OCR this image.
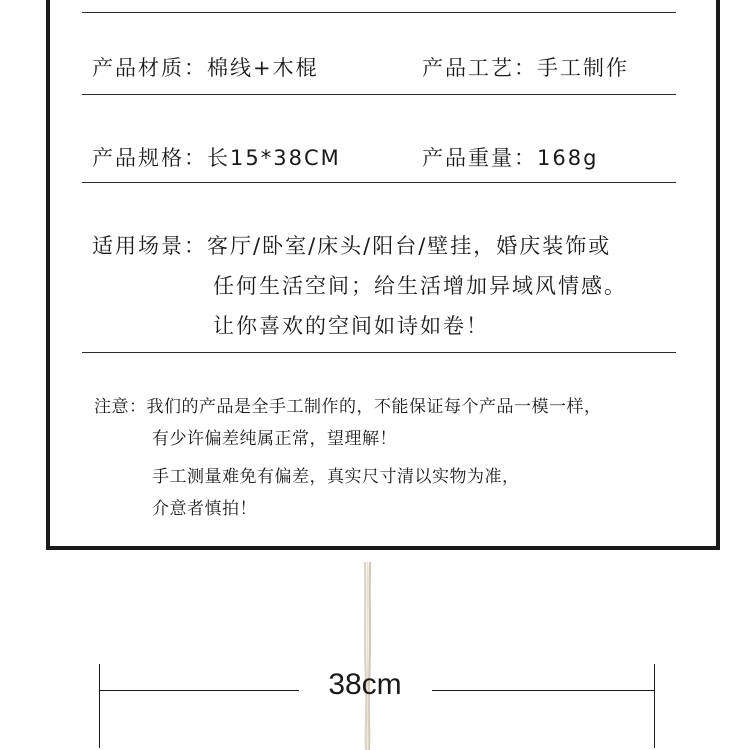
产品材质：棉线+木棍	产品工艺：手工制作
产品规格：长15*38CM	产品重量：168g
适用场景：客厅/卧室/床头/阳台/壁挂，婚庆装饰或
任何生活空间；给生活增加异域风情感。
让你喜欢的空间如诗如卷！
注意：我们的产品是全手工制作的，不能保证每个产品一模一样，
有少许偏差纯属正常，望理解！
手工测量难免有偏差，真实尺寸清以实物为准，
介意者慎拍！
38cm
